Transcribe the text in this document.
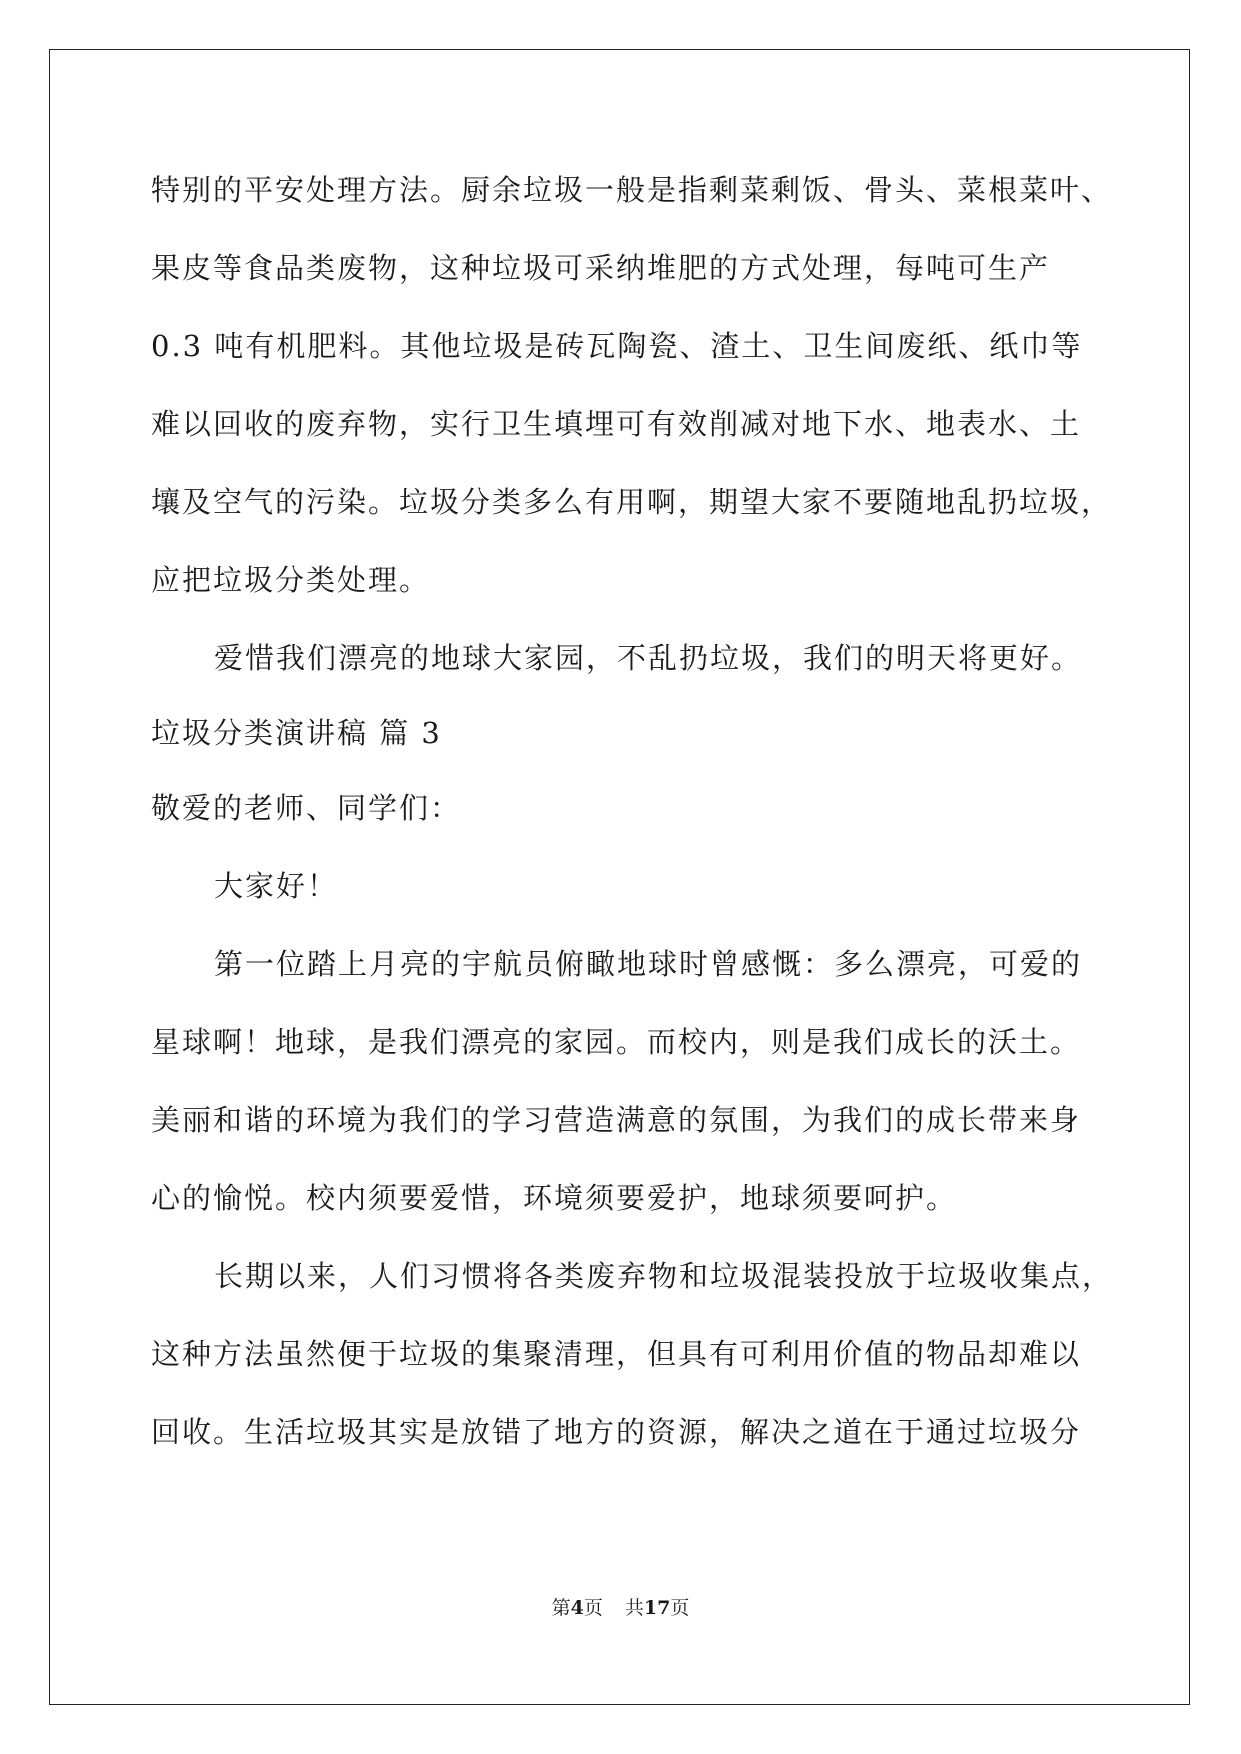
特别的平安处理方法。厨余垃圾一般是指剩菜剩饭、骨头、菜根菜叶、
果皮等食品类废物，这种垃圾可采纳堆肥的方式处理，每吨可生产
0.3 吨有机肥料。其他垃圾是砖瓦陶瓷、渣土、卫生间废纸、纸巾等
难以回收的废弃物，实行卫生填埋可有效削减对地下水、地表水、土
壤及空气的污染。垃圾分类多么有用啊，期望大家不要随地乱扔垃圾，
应把垃圾分类处理。
爱惜我们漂亮的地球大家园，不乱扔垃圾，我们的明天将更好。
垃圾分类演讲稿 篇 3
敬爱的老师、同学们：
大家好！
第一位踏上月亮的宇航员俯瞰地球时曾感慨：多么漂亮，可爱的
星球啊！地球，是我们漂亮的家园。而校内，则是我们成长的沃土。
美丽和谐的环境为我们的学习营造满意的氛围，为我们的成长带来身
心的愉悦。校内须要爱惜，环境须要爱护，地球须要呵护。
长期以来，人们习惯将各类废弃物和垃圾混装投放于垃圾收集点，
这种方法虽然便于垃圾的集聚清理，但具有可利用价值的物品却难以
回收。生活垃圾其实是放错了地方的资源，解决之道在于通过垃圾分
第4页 共17页
